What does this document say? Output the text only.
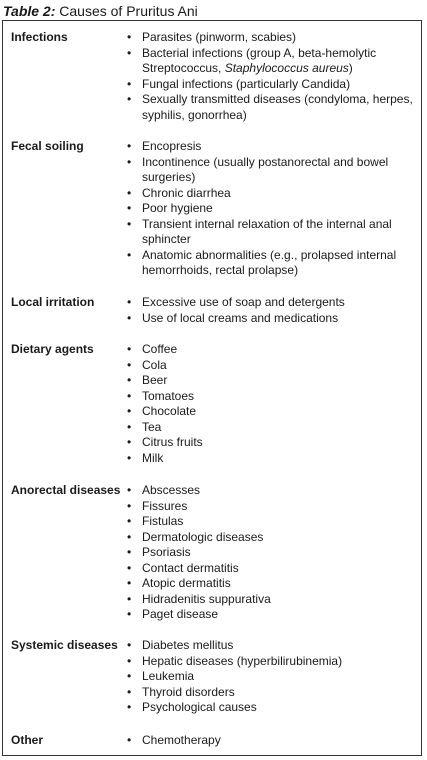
Table 2: Causes of Pruritus Ani
Infections	• Parasites (pinworm, scabies)

• Bacterial infections (group A, beta-hemolytic Streptococcus, Staphylococcus aureus)

• Fungal infections (particularly Candida)

• Sexually transmitted diseases (condyloma, herpes, syphilis, gonorrhea)

Fecal soiling	• Encopresis

• Incontinence (usually postanorectal and bowel surgeries)

• Chronic diarrhea

• Poor hygiene

• Transient internal relaxation of the internal anal sphincter

• Anatomic abnormalities (e.g., prolapsed internal hemorrhoids, rectal prolapse)

Local irritation	• Excessive use of soap and detergents

• Use of local creams and medications

Dietary agents	• Coffee

• Cola

• Beer

• Tomatoes

• Chocolate

• Tea

• Citrus fruits

• Milk

Anorectal diseases	• Abscesses

• Fissures

• Fistulas

• Dermatologic diseases

• Psoriasis

• Contact dermatitis

• Atopic dermatitis

• Hidradenitis suppurativa

• Paget disease

Systemic diseases	• Diabetes mellitus

• Hepatic diseases (hyperbilirubinemia)

• Leukemia

• Thyroid disorders

• Psychological causes

Other	• Chemotherapy
